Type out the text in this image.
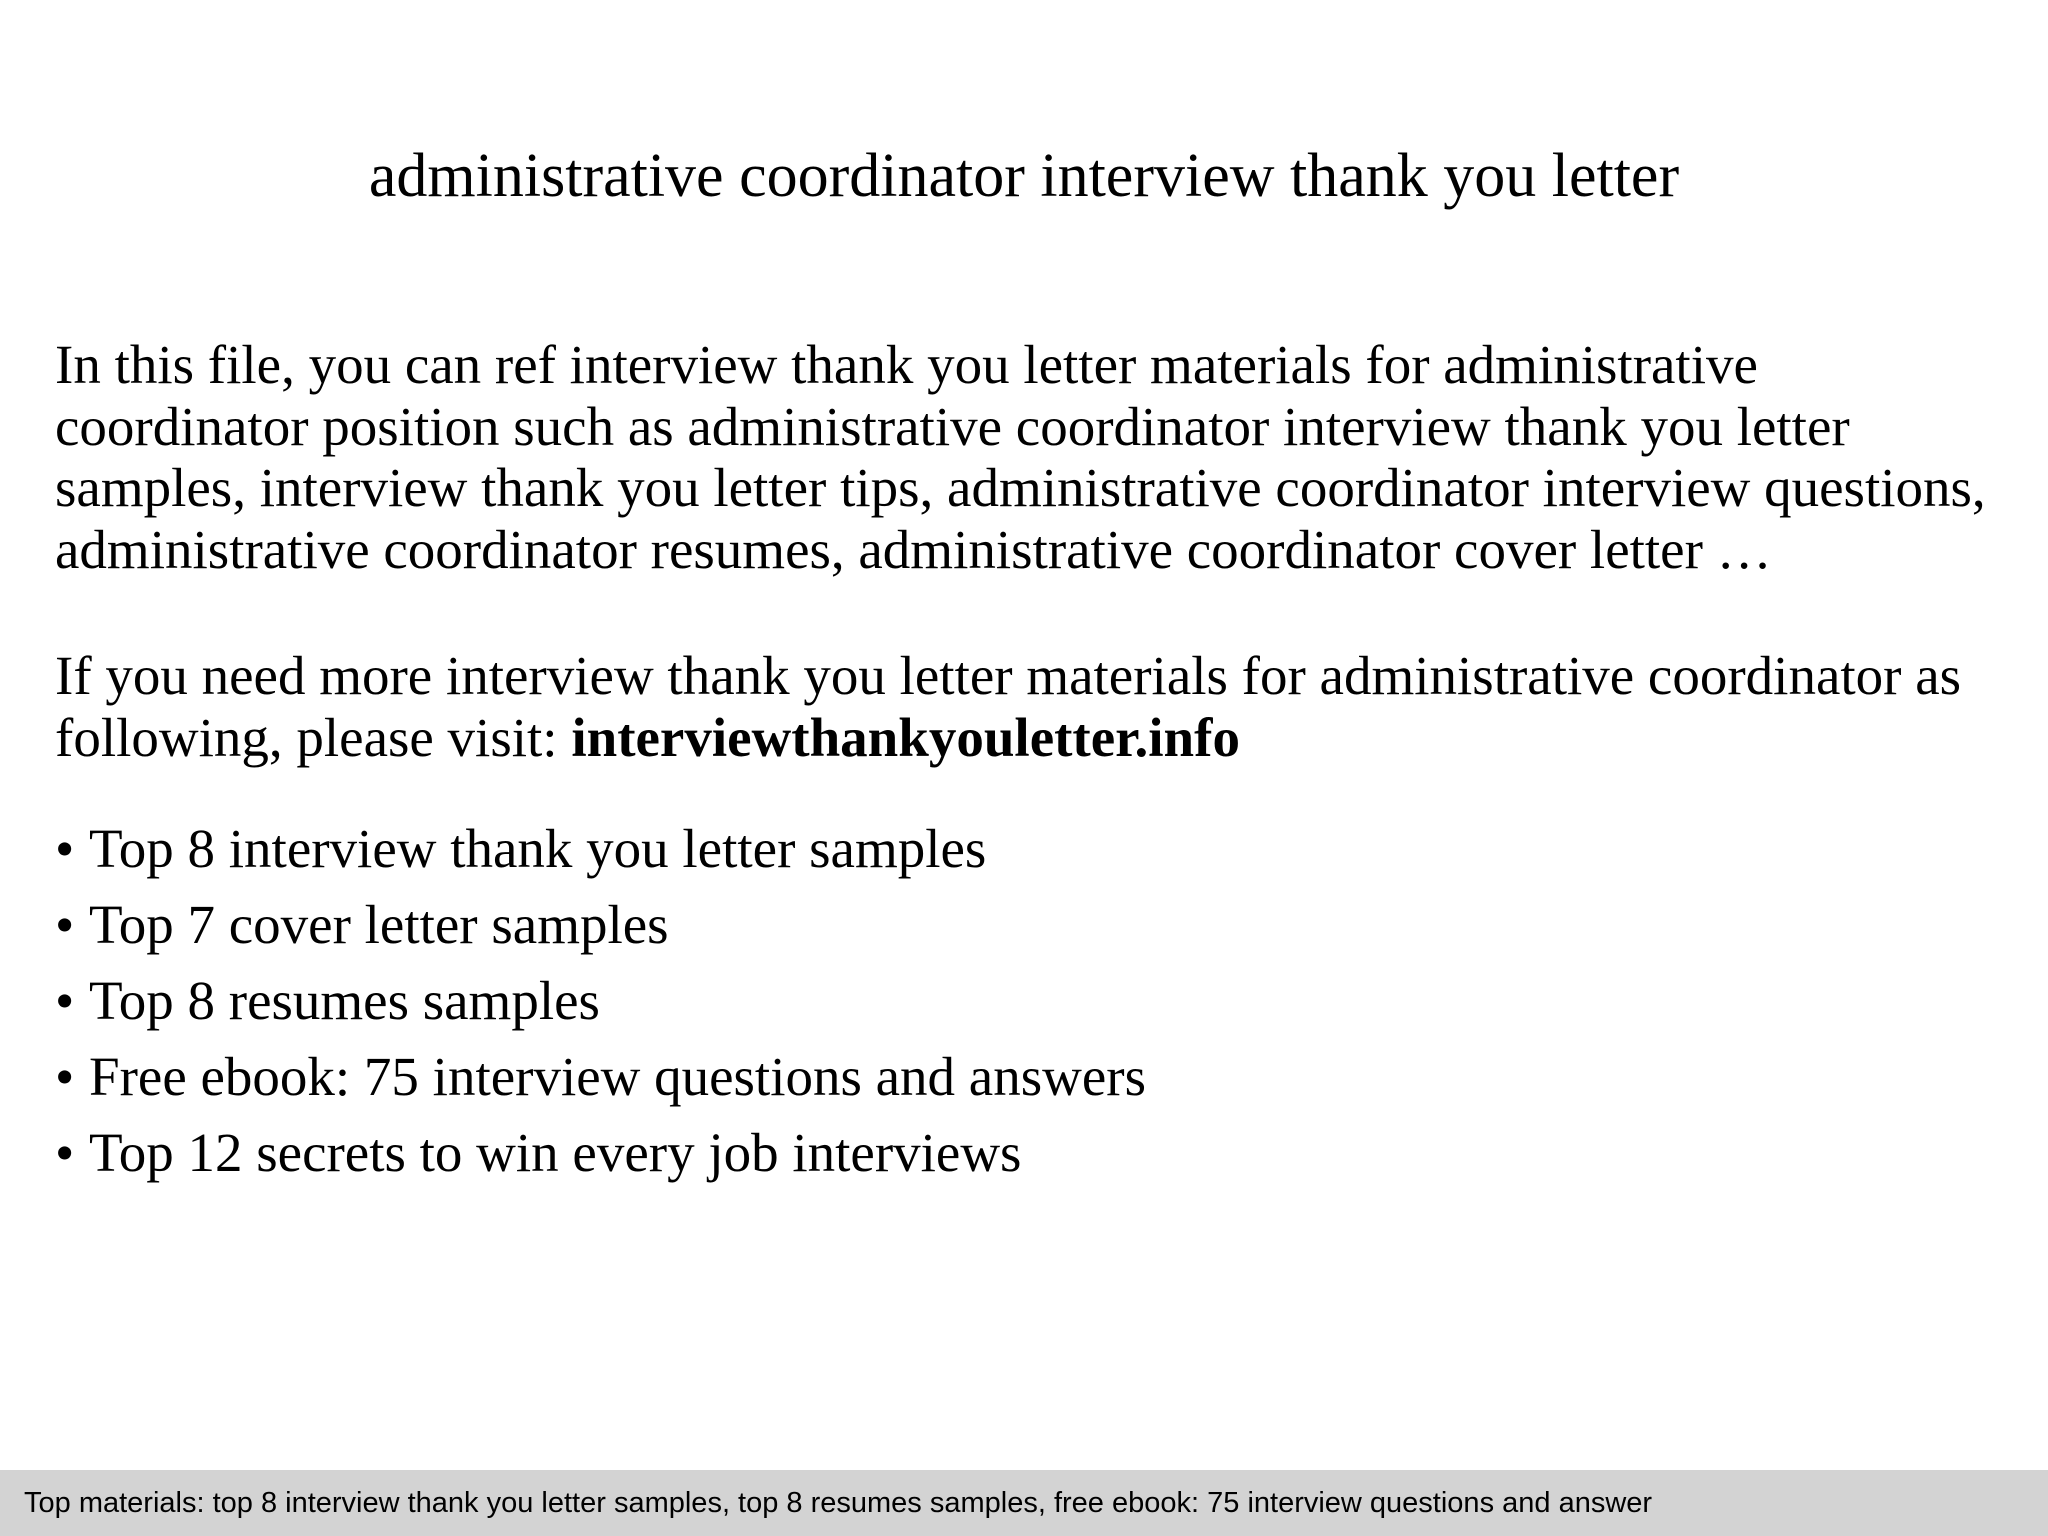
administrative coordinator interview thank you letter

In this file, you can ref interview thank you letter materials for administrative coordinator position such as administrative coordinator interview thank you letter samples, interview thank you letter tips, administrative coordinator interview questions, administrative coordinator resumes, administrative coordinator cover letter …

If you need more interview thank you letter materials for administrative coordinator as following, please visit: interviewthankyouletter.info

• Top 8 interview thank you letter samples
• Top 7 cover letter samples
• Top 8 resumes samples
• Free ebook: 75 interview questions and answers
• Top 12 secrets to win every job interviews
Top materials: top 8 interview thank you letter samples, top 8 resumes samples, free ebook: 75 interview questions and answer
